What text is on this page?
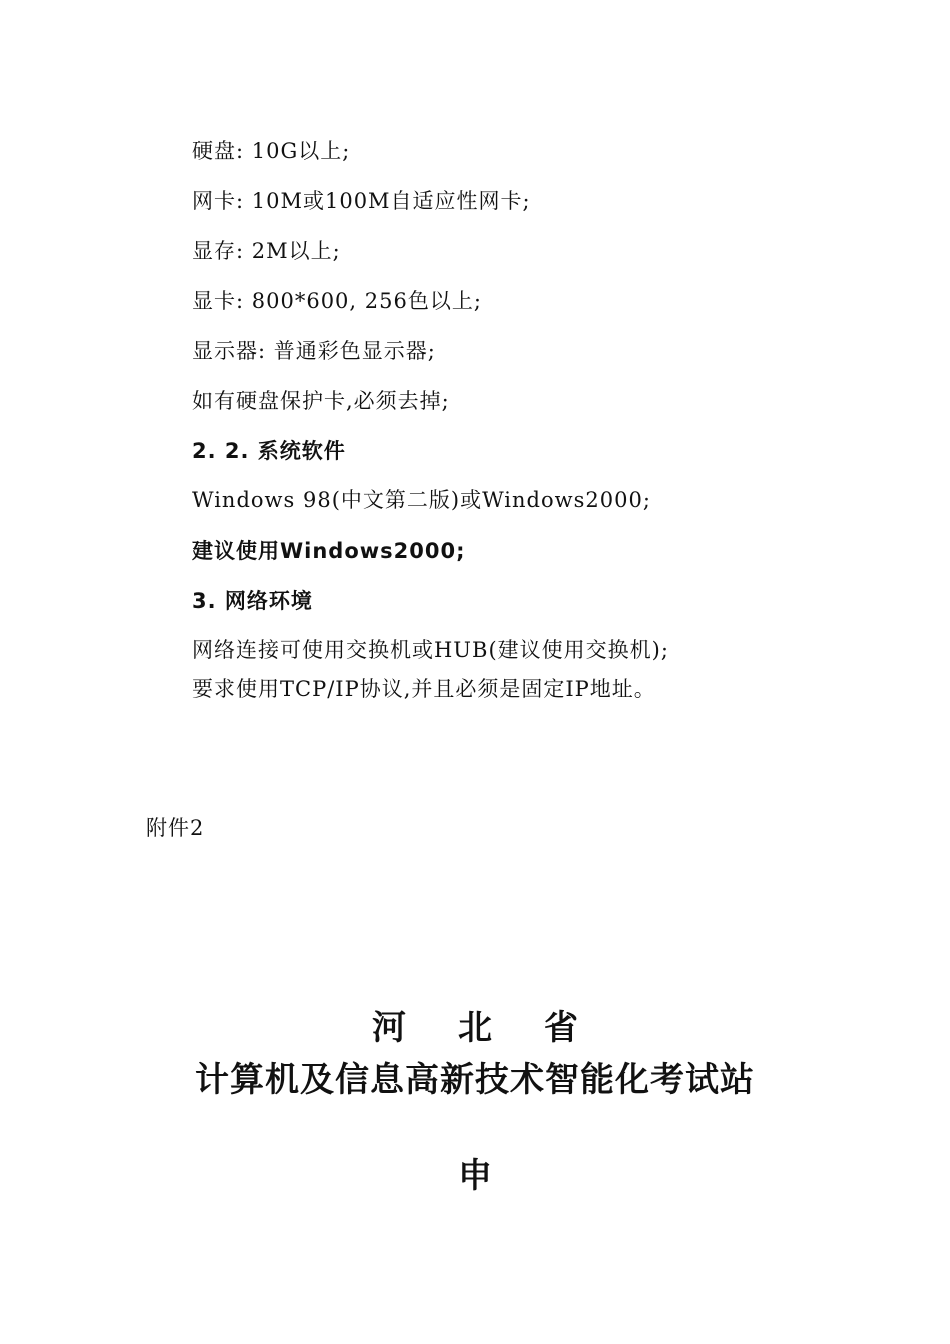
硬盘: 10G以上;
网卡: 10M或100M自适应性网卡;
显存: 2M以上;
显卡: 800*600, 256色以上;
显示器: 普通彩色显示器;
如有硬盘保护卡,必须去掉;
2. 2. 系统软件
Windows 98(中文第二版)或Windows2000;
建议使用Windows2000;
3. 网络环境
网络连接可使用交换机或HUB(建议使用交换机);
要求使用TCP/IP协议,并且必须是固定IP地址。
附件2
河北省
计算机及信息高新技术智能化考试站
申
